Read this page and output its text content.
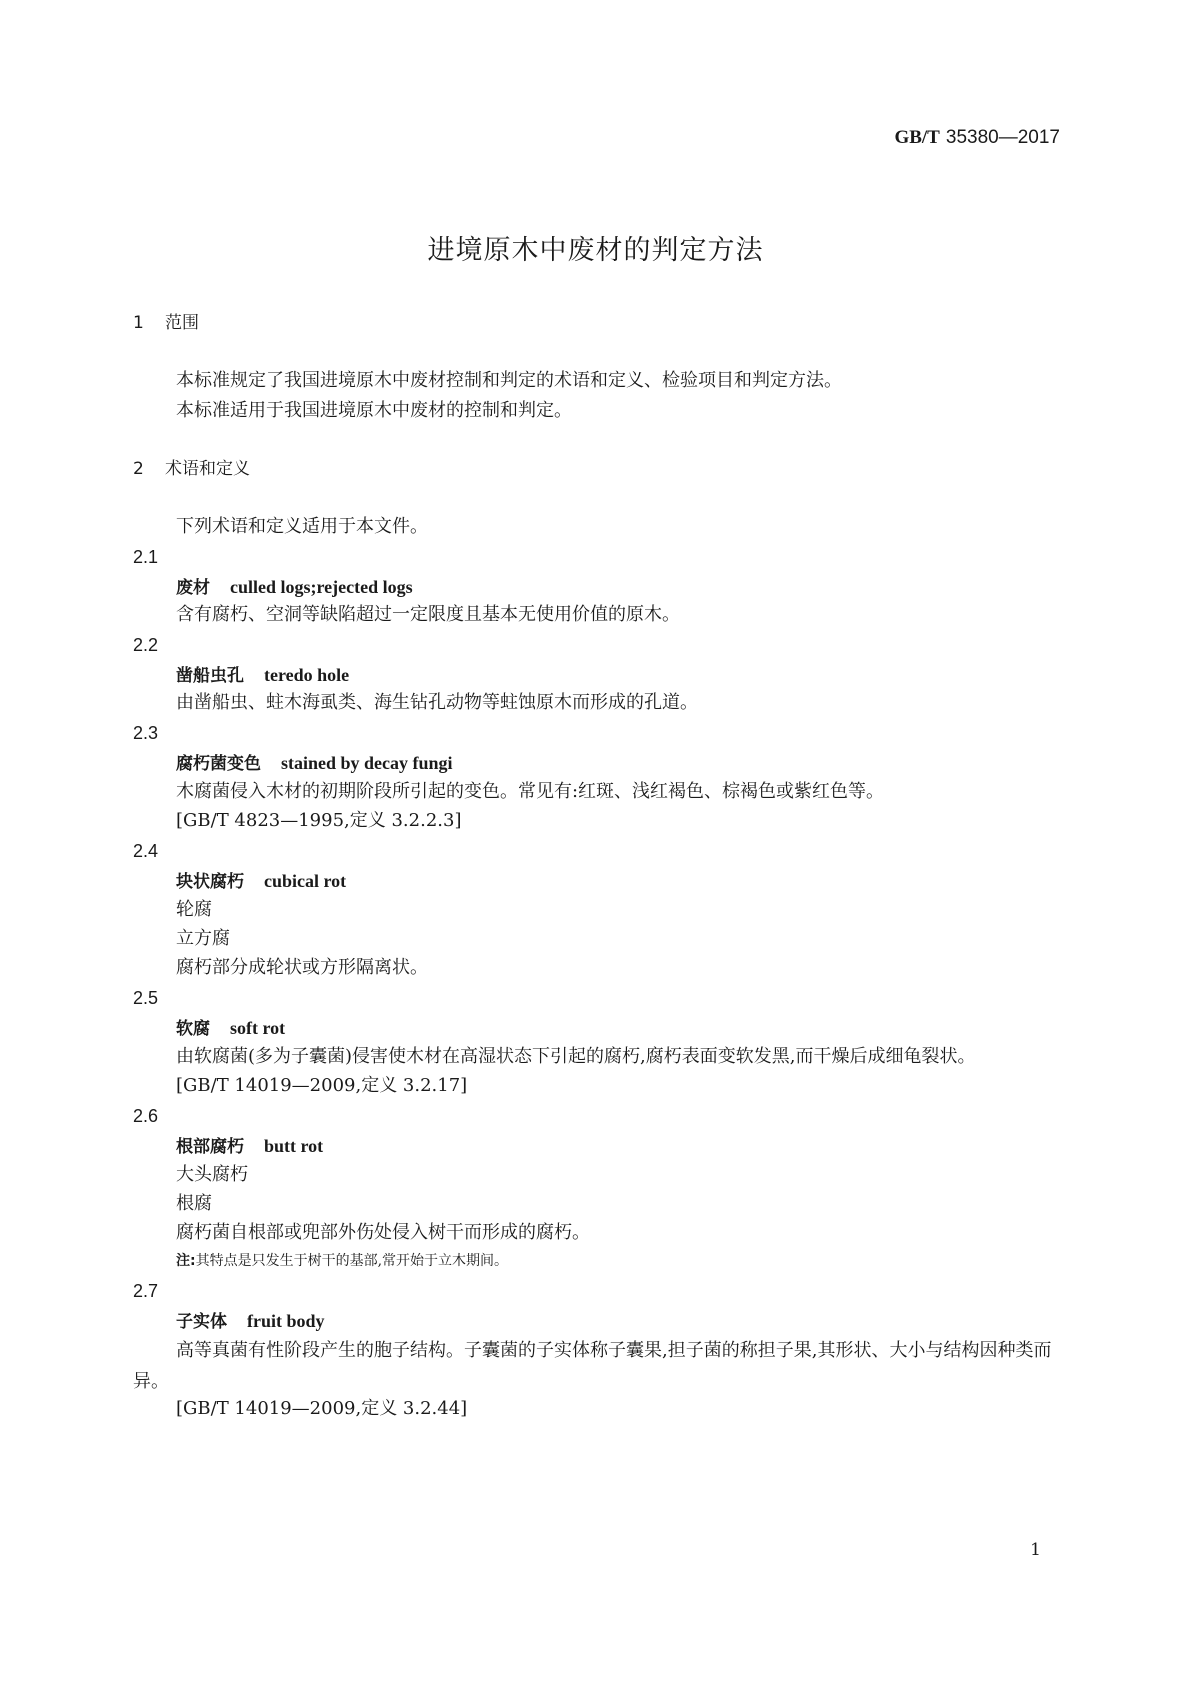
GB/T 35380—2017
进境原木中废材的判定方法
1 范围
本标准规定了我国进境原木中废材控制和判定的术语和定义、检验项目和判定方法。
本标准适用于我国进境原木中废材的控制和判定。
2 术语和定义
下列术语和定义适用于本文件。
2.1
废材 culled logs;rejected logs
含有腐朽、空洞等缺陷超过一定限度且基本无使用价值的原木。
2.2
凿船虫孔 teredo hole
由凿船虫、蛀木海虱类、海生钻孔动物等蛀蚀原木而形成的孔道。
2.3
腐朽菌变色 stained by decay fungi
木腐菌侵入木材的初期阶段所引起的变色。常见有:红斑、浅红褐色、棕褐色或紫红色等。
[GB/T 4823—1995,定义 3.2.2.3]
2.4
块状腐朽 cubical rot
轮腐
立方腐
腐朽部分成轮状或方形隔离状。
2.5
软腐 soft rot
由软腐菌(多为子囊菌)侵害使木材在高湿状态下引起的腐朽,腐朽表面变软发黑,而干燥后成细龟裂状。
[GB/T 14019—2009,定义 3.2.17]
2.6
根部腐朽 butt rot
大头腐朽
根腐
腐朽菌自根部或兜部外伤处侵入树干而形成的腐朽。
注:其特点是只发生于树干的基部,常开始于立木期间。
2.7
子实体 fruit body
高等真菌有性阶段产生的胞子结构。子囊菌的子实体称子囊果,担子菌的称担子果,其形状、大小与结构因种类而异。
[GB/T 14019—2009,定义 3.2.44]
1
